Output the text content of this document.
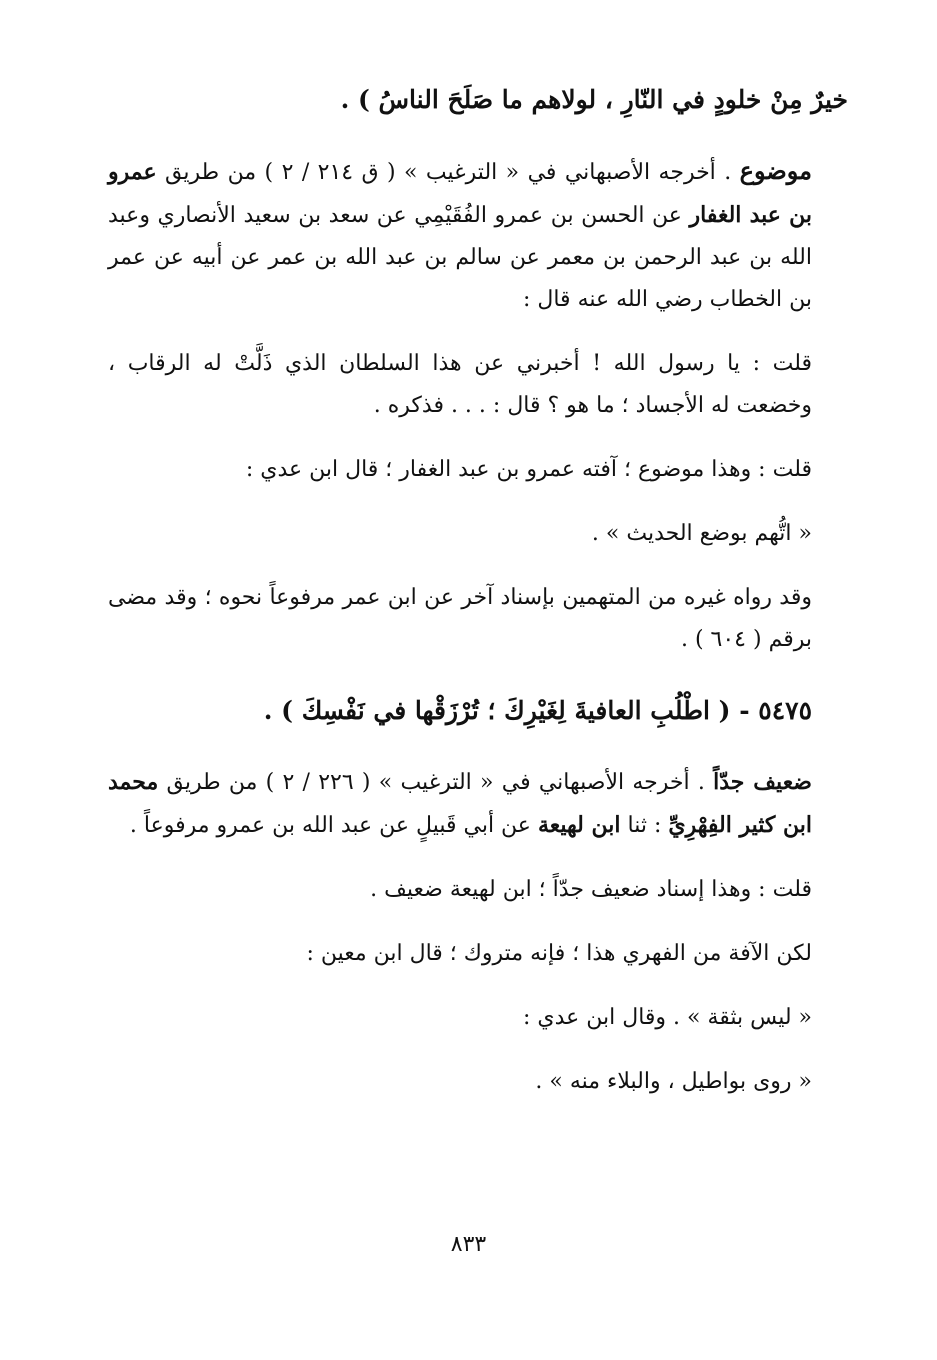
خيرٌ مِنْ خلودٍ في النّارِ ، لولاهم ما صَلَحَ الناسُ ) .
موضوع . أخرجه الأصبهاني في « الترغيب » ( ق ٢١٤ / ٢ ) من طريق عمرو بن عبد الغفار عن الحسن بن عمرو الفُقَيْمِي عن سعد بن سعيد الأنصاري وعبد الله بن عبد الرحمن بن معمر عن سالم بن عبد الله بن عمر عن أبيه عن عمر بن الخطاب رضي الله عنه قال :
قلت : يا رسول الله ! أخبرني عن هذا السلطان الذي ذَلَّتْ له الرقاب ، وخضعت له الأجساد ؛ ما هو ؟ قال : . . . فذكره .
قلت : وهذا موضوع ؛ آفته عمرو بن عبد الغفار ؛ قال ابن عدي :
« اتُّهم بوضع الحديث » .
وقد رواه غيره من المتهمين بإسناد آخر عن ابن عمر مرفوعاً نحوه ؛ وقد مضى برقم ( ٦٠٤ ) .
٥٤٧٥ - ( اطْلُبِ العافيةَ لِغَيْرِكَ ؛ تُرْزَقْها في نَفْسِكَ ) .
ضعيف جدّاً . أخرجه الأصبهاني في « الترغيب » ( ٢٢٦ / ٢ ) من طريق محمد ابن كثير الفِهْرِيِّ : ثنا ابن لهيعة عن أبي قَبيلٍ عن عبد الله بن عمرو مرفوعاً .
قلت : وهذا إسناد ضعيف جدّاً ؛ ابن لهيعة ضعيف .
لكن الآفة من الفهري هذا ؛ فإنه متروك ؛ قال ابن معين :
« ليس بثقة » . وقال ابن عدي :
« روى بواطيل ، والبلاء منه » .
٨٣٣
